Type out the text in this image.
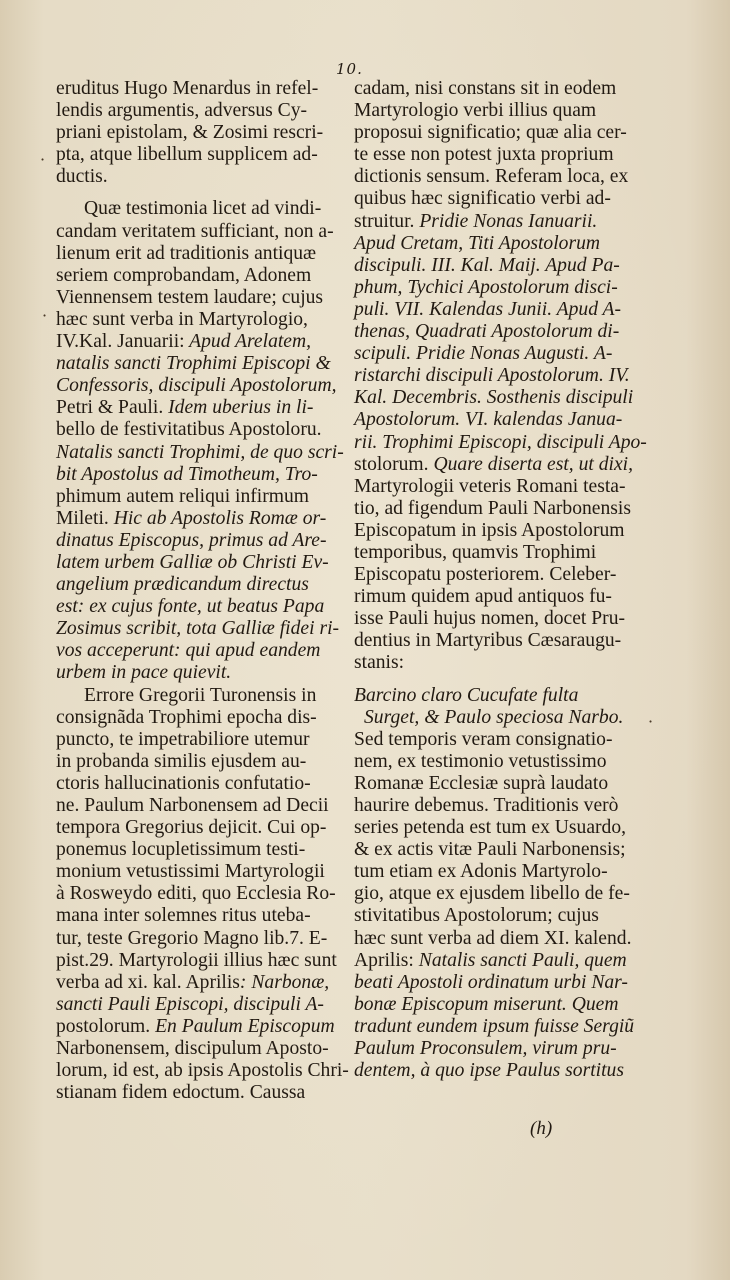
10.
eruditus Hugo Menardus in refel-
lendis argumentis, adversus Cy-
priani epistolam, & Zosimi rescri-
pta, atque libellum supplicem ad-
ductis.
Quæ testimonia licet ad vindi-
candam veritatem sufficiant, non a-
lienum erit ad traditionis antiquæ
seriem comprobandam, Adonem
Viennensem testem laudare; cujus
hæc sunt verba in Martyrologio,
IV.Kal. Januarii: Apud Arelatem,
natalis sancti Trophimi Episcopi &
Confessoris, discipuli Apostolorum,
Petri & Pauli. Idem uberius in li-
bello de festivitatibus Apostoloru.
Natalis sancti Trophimi, de quo scri-
bit Apostolus ad Timotheum, Tro-
phimum autem reliqui infirmum
Mileti. Hic ab Apostolis Romæ or-
dinatus Episcopus, primus ad Are-
latem urbem Galliæ ob Christi Ev-
angelium prædicandum directus
est: ex cujus fonte, ut beatus Papa
Zosimus scribit, tota Galliæ fidei ri-
vos acceperunt: qui apud eandem
urbem in pace quievit.
Errore Gregorii Turonensis in
consignãda Trophimi epocha dis-
puncto, te impetrabiliore utemur
in probanda similis ejusdem au-
ctoris hallucinationis confutatio-
ne. Paulum Narbonensem ad Decii
tempora Gregorius dejicit. Cui op-
ponemus locupletissimum testi-
monium vetustissimi Martyrologii
à Rosweydo editi, quo Ecclesia Ro-
mana inter solemnes ritus uteba-
tur, teste Gregorio Magno lib.7. E-
pist.29. Martyrologii illius hæc sunt
verba ad xi. kal. Aprilis: Narbonæ,
sancti Pauli Episcopi, discipuli A-
postolorum. En Paulum Episcopum
Narbonensem, discipulum Aposto-
lorum, id est, ab ipsis Apostolis Chri-
stianam fidem edoctum. Caussa
cadam, nisi constans sit in eodem
Martyrologio verbi illius quam
proposui significatio; quæ alia cer-
te esse non potest juxta proprium
dictionis sensum. Referam loca, ex
quibus hæc significatio verbi ad-
struitur. Pridie Nonas Ianuarii.
Apud Cretam, Titi Apostolorum
discipuli. III. Kal. Maij. Apud Pa-
phum, Tychici Apostolorum disci-
puli. VII. Kalendas Junii. Apud A-
thenas, Quadrati Apostolorum di-
scipuli. Pridie Nonas Augusti. A-
ristarchi discipuli Apostolorum. IV.
Kal. Decembris. Sosthenis discipuli
Apostolorum. VI. kalendas Janua-
rii. Trophimi Episcopi, discipuli Apo-
stolorum. Quare diserta est, ut dixi,
Martyrologii veteris Romani testa-
tio, ad figendum Pauli Narbonensis
Episcopatum in ipsis Apostolorum
temporibus, quamvis Trophimi
Episcopatu posteriorem. Celeber-
rimum quidem apud antiquos fu-
isse Pauli hujus nomen, docet Pru-
dentius in Martyribus Cæsaraugu-
stanis:
Barcino claro Cucufate fulta
Surget, & Paulo speciosa Narbo.
Sed temporis veram consignatio-
nem, ex testimonio vetustissimo
Romanæ Ecclesiæ suprà laudato
haurire debemus. Traditionis verò
series petenda est tum ex Usuardo,
& ex actis vitæ Pauli Narbonensis;
tum etiam ex Adonis Martyrolo-
gio, atque ex ejusdem libello de fe-
stivitatibus Apostolorum; cujus
hæc sunt verba ad diem XI. kalend.
Aprilis: Natalis sancti Pauli, quem
beati Apostoli ordinatum urbi Nar-
bonæ Episcopum miserunt. Quem
tradunt eundem ipsum fuisse Sergiũ
Paulum Proconsulem, virum pru-
dentem, à quo ipse Paulus sortitus
·
·
·
(h)
